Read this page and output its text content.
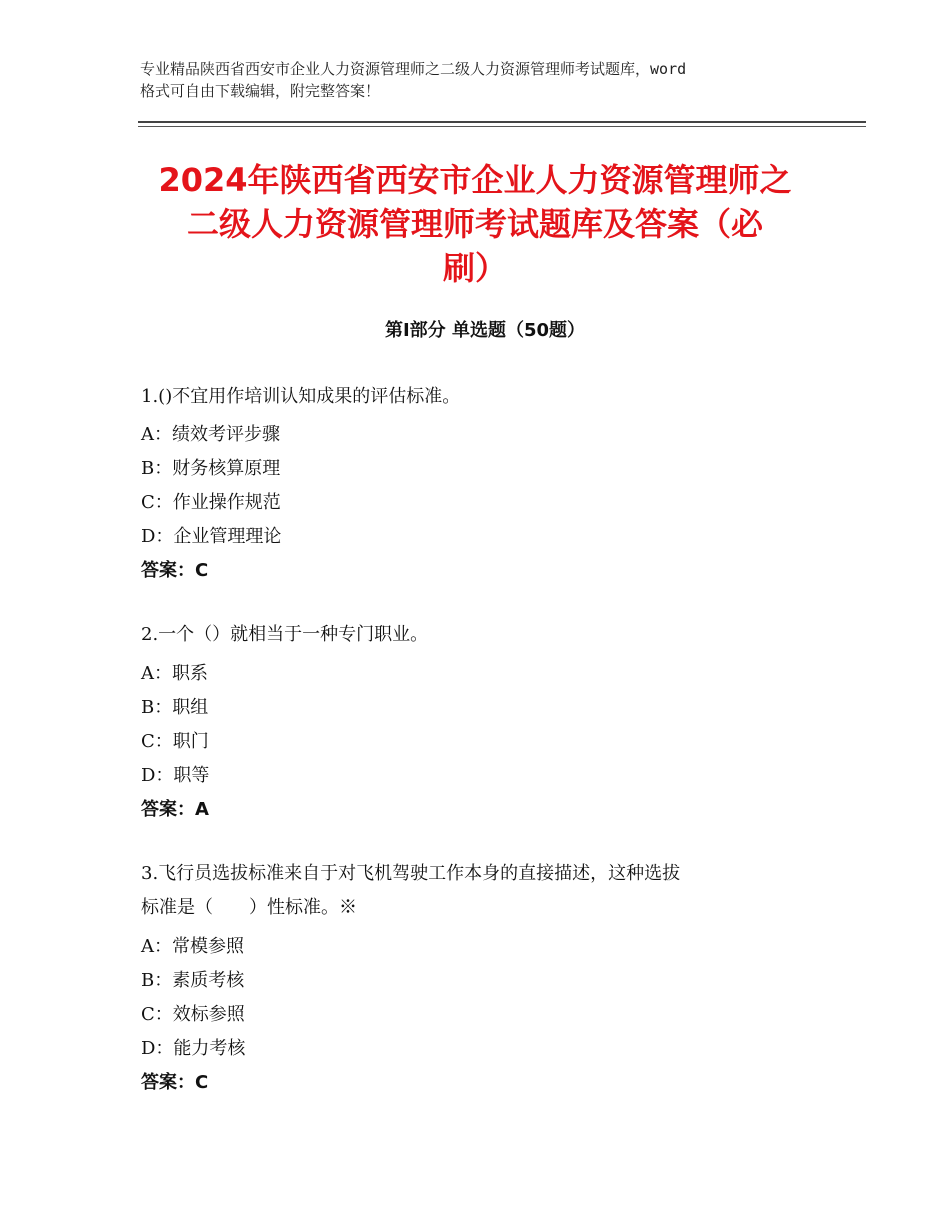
专业精品陕西省西安市企业人力资源管理师之二级人力资源管理师考试题库，word
格式可自由下载编辑，附完整答案！
2024年陕西省西安市企业人力资源管理师之
二级人力资源管理师考试题库及答案（必
刷）
第Ⅰ部分 单选题（50题）
1.()不宜用作培训认知成果的评估标准。
A：绩效考评步骤
B：财务核算原理
C：作业操作规范
D：企业管理理论
答案：C
2.一个（）就相当于一种专门职业。
A：职系
B：职组
C：职门
D：职等
答案：A
3.飞行员选拔标准来自于对飞机驾驶工作本身的直接描述，这种选拔
标准是（　　）性标准。※
A：常模参照
B：素质考核
C：效标参照
D：能力考核
答案：C
